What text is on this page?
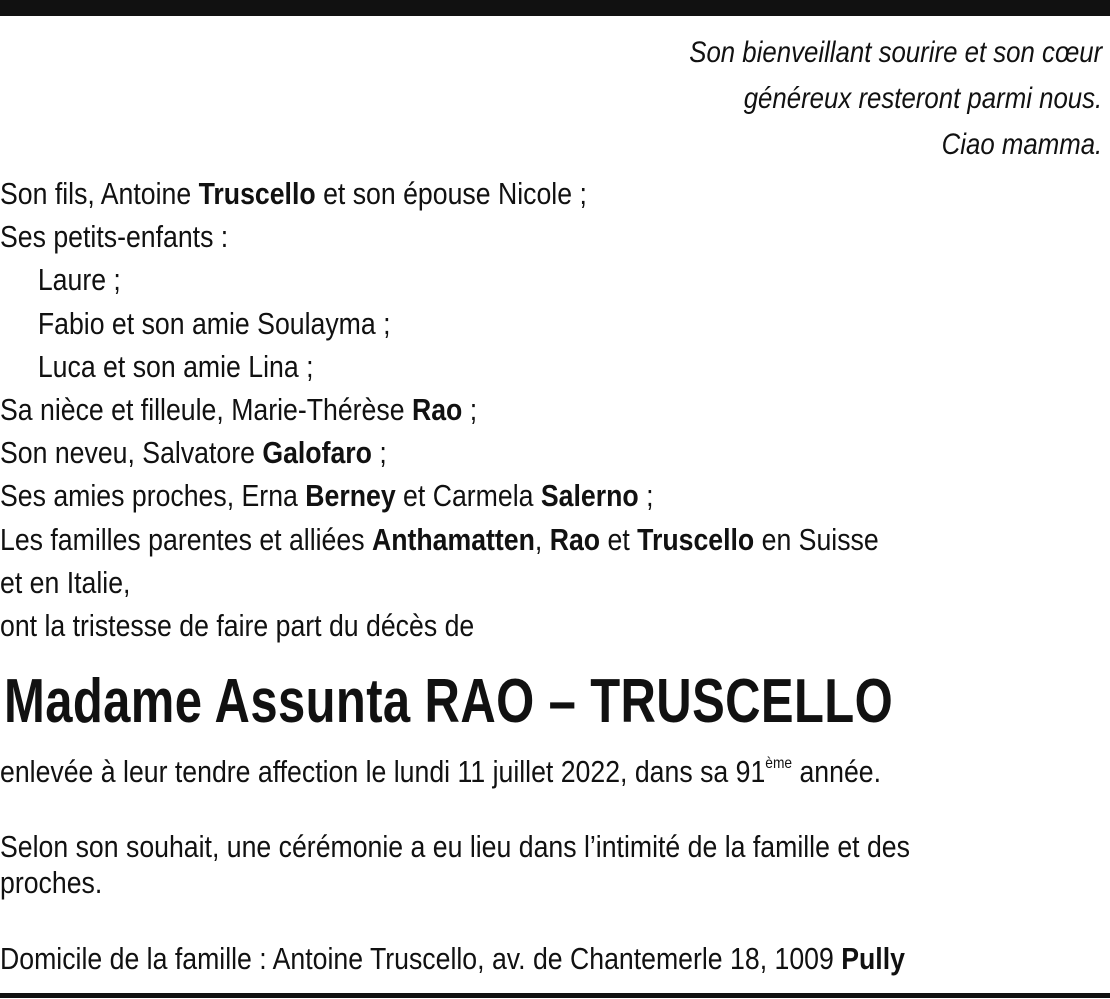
Son bienveillant sourire et son cœur
généreux resteront parmi nous.
Ciao mamma.
Son fils, Antoine Truscello et son épouse Nicole ;
Ses petits-enfants :
Laure ;
Fabio et son amie Soulayma ;
Luca et son amie Lina ;
Sa nièce et filleule, Marie-Thérèse Rao ;
Son neveu, Salvatore Galofaro ;
Ses amies proches, Erna Berney et Carmela Salerno ;
Les familles parentes et alliées Anthamatten, Rao et Truscello en Suisse
et en Italie,
ont la tristesse de faire part du décès de
Madame Assunta RAO – TRUSCELLO
enlevée à leur tendre affection le lundi 11 juillet 2022, dans sa 91ème année.
Selon son souhait, une cérémonie a eu lieu dans l’intimité de la famille et des
proches.
Domicile de la famille : Antoine Truscello, av. de Chantemerle 18, 1009 Pully
